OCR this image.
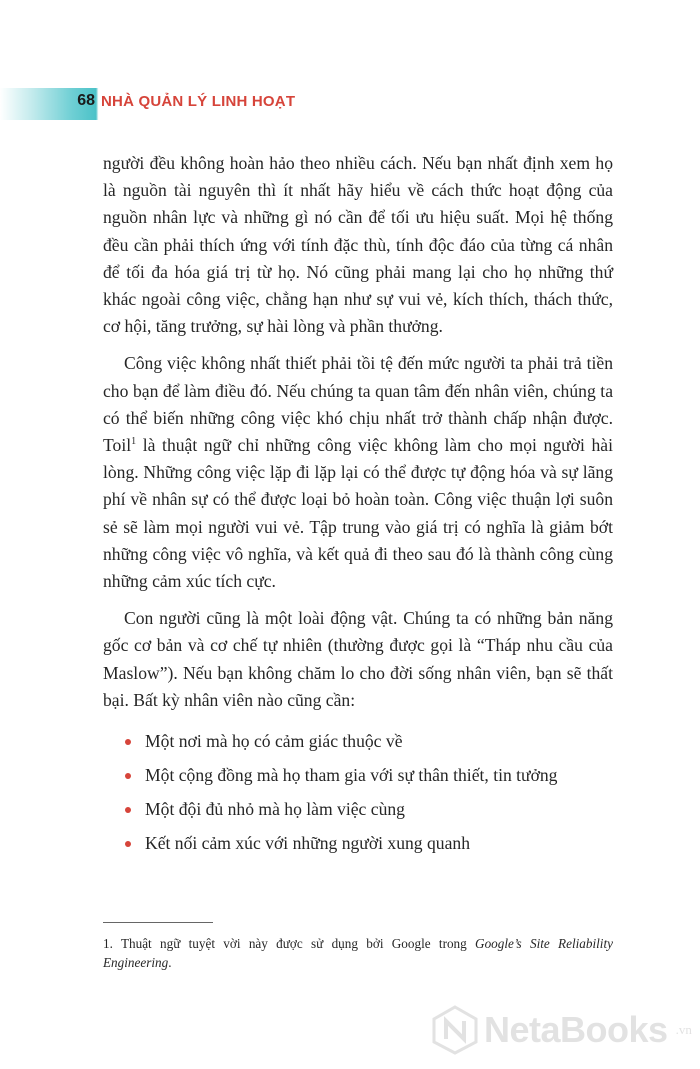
68 NHÀ QUẢN LÝ LINH HOẠT

người đều không hoàn hảo theo nhiều cách. Nếu bạn nhất định xem họ là nguồn tài nguyên thì ít nhất hãy hiểu về cách thức hoạt động của nguồn nhân lực và những gì nó cần để tối ưu hiệu suất. Mọi hệ thống đều cần phải thích ứng với tính đặc thù, tính độc đáo của từng cá nhân để tối đa hóa giá trị từ họ. Nó cũng phải mang lại cho họ những thứ khác ngoài công việc, chẳng hạn như sự vui vẻ, kích thích, thách thức, cơ hội, tăng trưởng, sự hài lòng và phần thưởng.

Công việc không nhất thiết phải tồi tệ đến mức người ta phải trả tiền cho bạn để làm điều đó. Nếu chúng ta quan tâm đến nhân viên, chúng ta có thể biến những công việc khó chịu nhất trở thành chấp nhận được. Toil$^1$ là thuật ngữ chỉ những công việc không làm cho mọi người hài lòng. Những công việc lặp đi lặp lại có thể được tự động hóa và sự lãng phí về nhân sự có thể được loại bỏ hoàn toàn. Công việc thuận lợi suôn sẻ sẽ làm mọi người vui vẻ. Tập trung vào giá trị có nghĩa là giảm bớt những công việc vô nghĩa, và kết quả đi theo sau đó là thành công cùng những cảm xúc tích cực.

Con người cũng là một loài động vật. Chúng ta có những bản năng gốc cơ bản và cơ chế tự nhiên (thường được gọi là “Tháp nhu cầu của Maslow”). Nếu bạn không chăm lo cho đời sống nhân viên, bạn sẽ thất bại. Bất kỳ nhân viên nào cũng cần:

Một nơi mà họ có cảm giác thuộc về
Một cộng đồng mà họ tham gia với sự thân thiết, tin tưởng
Một đội đủ nhỏ mà họ làm việc cùng
Kết nối cảm xúc với những người xung quanh
1. Thuật ngữ tuyệt vời này được sử dụng bởi Google trong Google’s Site Reliability Engineering.
NetaBooks .vn
